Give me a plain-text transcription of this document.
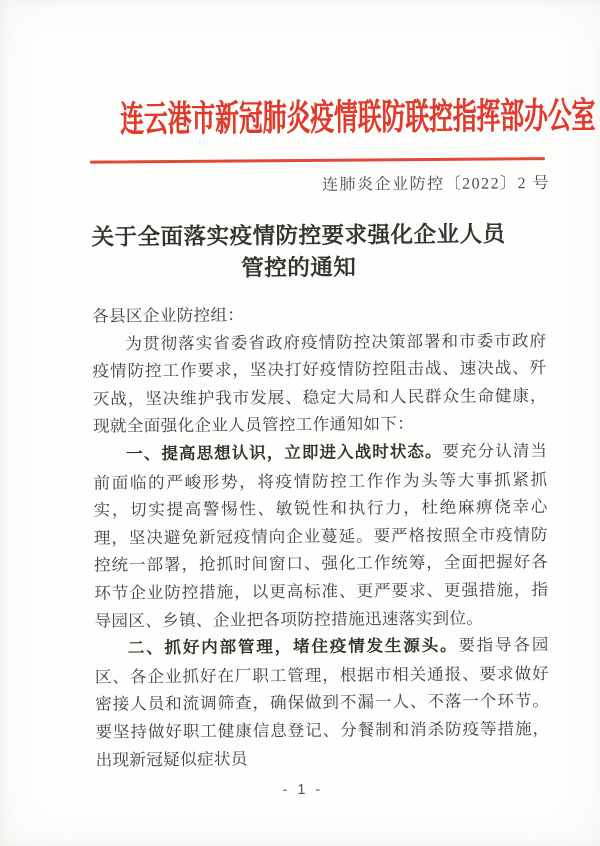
连云港市新冠肺炎疫情联防联控指挥部办公室
连肺炎企业防控〔2022〕2 号
关于全面落实疫情防控要求强化企业人员
管控的通知

各县区企业防控组：

为贯彻落实省委省政府疫情防控决策部署和市委市政府疫情防控工作要求，坚决打好疫情防控阻击战、速决战、歼灭战，坚决维护我市发展、稳定大局和人民群众生命健康，现就全面强化企业人员管控工作通知如下：

一、提高思想认识，立即进入战时状态。要充分认清当前面临的严峻形势，将疫情防控工作作为头等大事抓紧抓实，切实提高警惕性、敏锐性和执行力，杜绝麻痹侥幸心理，坚决避免新冠疫情向企业蔓延。要严格按照全市疫情防控统一部署，抢抓时间窗口、强化工作统筹，全面把握好各环节企业防控措施，以更高标准、更严要求、更强措施，指导园区、乡镇、企业把各项防控措施迅速落实到位。

二、抓好内部管理，堵住疫情发生源头。要指导各园区、各企业抓好在厂职工管理，根据市相关通报、要求做好密接人员和流调筛查，确保做到不漏一人、不落一个环节。要坚持做好职工健康信息登记、分餐制和消杀防疫等措施，出现新冠疑似症状员

- 1 -
